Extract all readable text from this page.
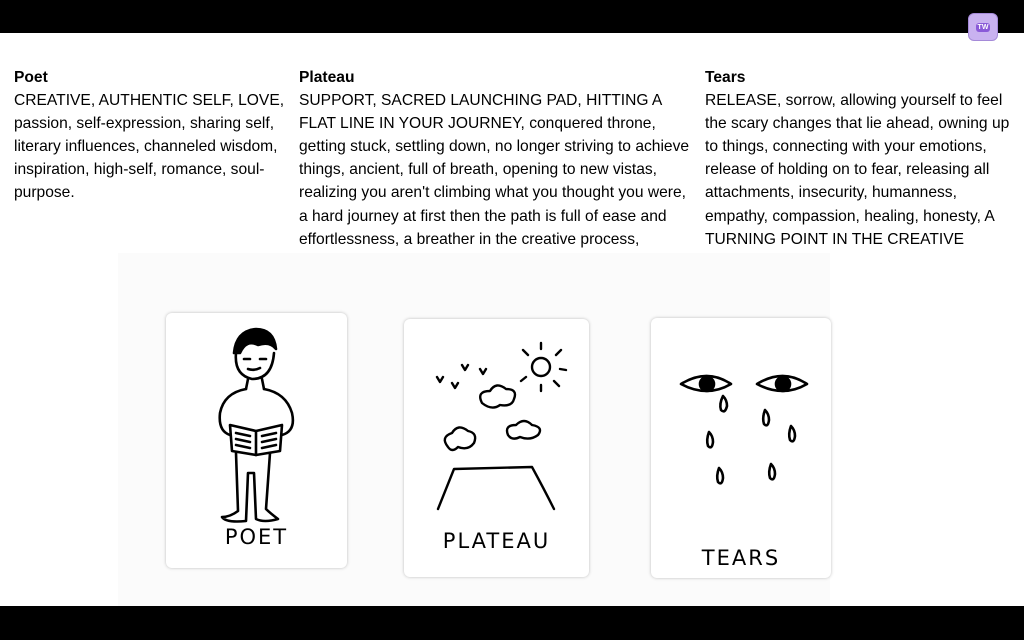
TW
Poet

CREATIVE, AUTHENTIC SELF, LOVE, passion, self-expression, sharing self, literary influences, channeled wisdom, inspiration, high-self, romance, soul-purpose.

Plateau

SUPPORT, SACRED LAUNCHING PAD, HITTING A FLAT LINE IN YOUR JOURNEY, conquered throne, getting stuck, settling down, no longer striving to achieve things, ancient, full of breath, opening to new vistas, realizing you aren't climbing what you thought you were, a hard journey at first then the path is full of ease and effortlessness, a breather in the creative process,

Tears

RELEASE, sorrow, allowing yourself to feel the scary changes that lie ahead, owning up to things, connecting with your emotions, release of holding on to fear, releasing all attachments, insecurity, humanness, empathy, compassion, healing, honesty, A TURNING POINT IN THE CREATIVE

POET	PLATEAU
TEARS
